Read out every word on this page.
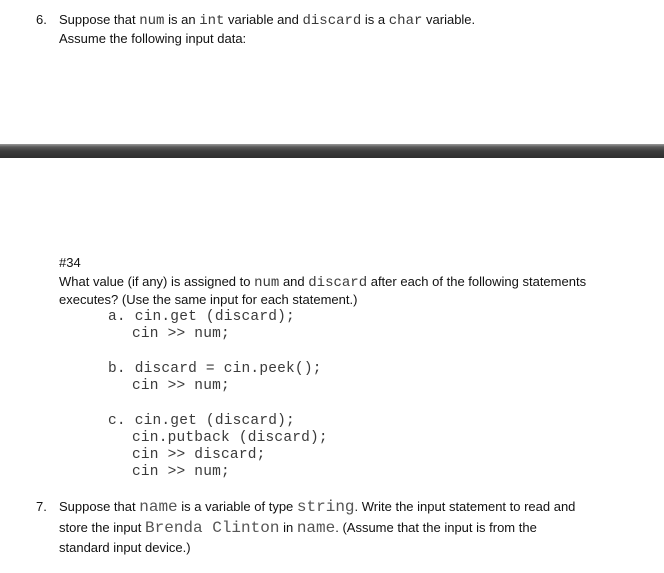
6. Suppose that num is an int variable and discard is a char variable.
Assume the following input data:
#34
What value (if any) is assigned to num and discard after each of the following statements
executes? (Use the same input for each statement.)
a. cin.get (discard);
cin >> num;
b. discard = cin.peek();
cin >> num;
c. cin.get (discard);
cin.putback (discard);
cin >> discard;
cin >> num;
7. Suppose that name is a variable of type string. Write the input statement to read and
store the input Brenda Clinton in name. (Assume that the input is from the
standard input device.)
